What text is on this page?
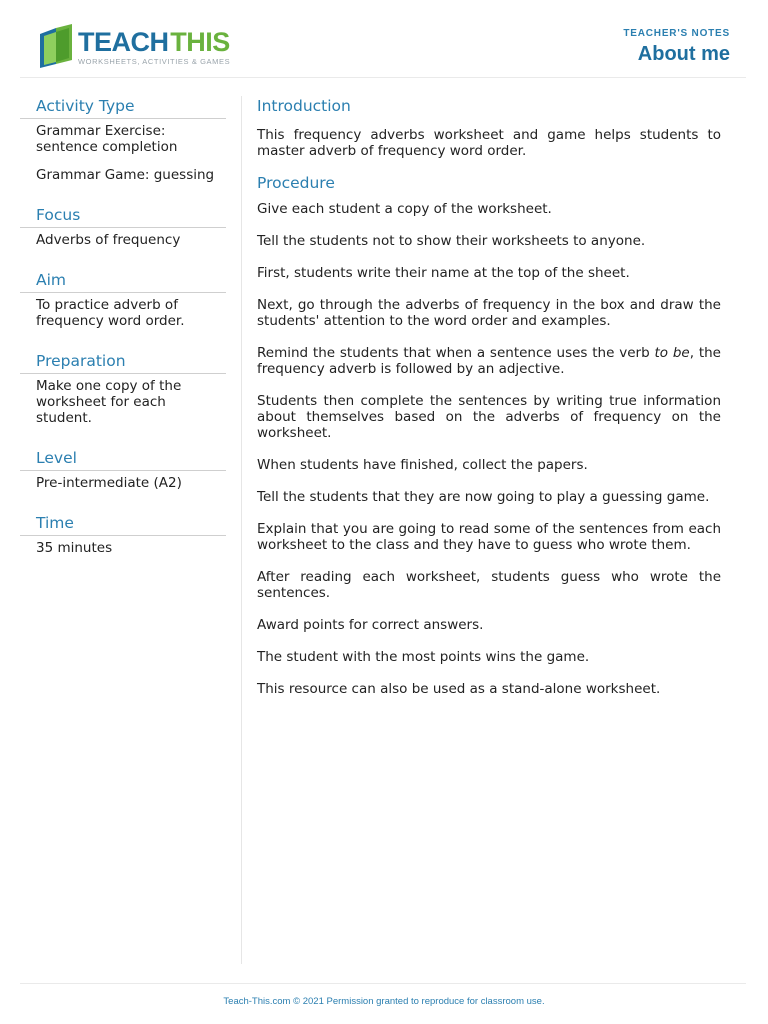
TEACH THIS
WORKSHEETS, ACTIVITIES & GAMES
TEACHER'S NOTES
About me
Activity Type

Grammar Exercise: sentence completion

Grammar Game: guessing

Focus

Adverbs of frequency

Aim

To practice adverb of frequency word order.

Preparation

Make one copy of the worksheet for each student.

Level

Pre-intermediate (A2)

Time

35 minutes

Introduction

This frequency adverbs worksheet and game helps students to master adverb of frequency word order.

Procedure

Give each student a copy of the worksheet.

Tell the students not to show their worksheets to anyone.

First, students write their name at the top of the sheet.

Next, go through the adverbs of frequency in the box and draw the students' attention to the word order and examples.

Remind the students that when a sentence uses the verb to be, the frequency adverb is followed by an adjective.

Students then complete the sentences by writing true information about themselves based on the adverbs of frequency on the worksheet.

When students have finished, collect the papers.

Tell the students that they are now going to play a guessing game.

Explain that you are going to read some of the sentences from each worksheet to the class and they have to guess who wrote them.

After reading each worksheet, students guess who wrote the sentences.

Award points for correct answers.

The student with the most points wins the game.

This resource can also be used as a stand-alone worksheet.

Teach-This.com © 2021 Permission granted to reproduce for classroom use.
